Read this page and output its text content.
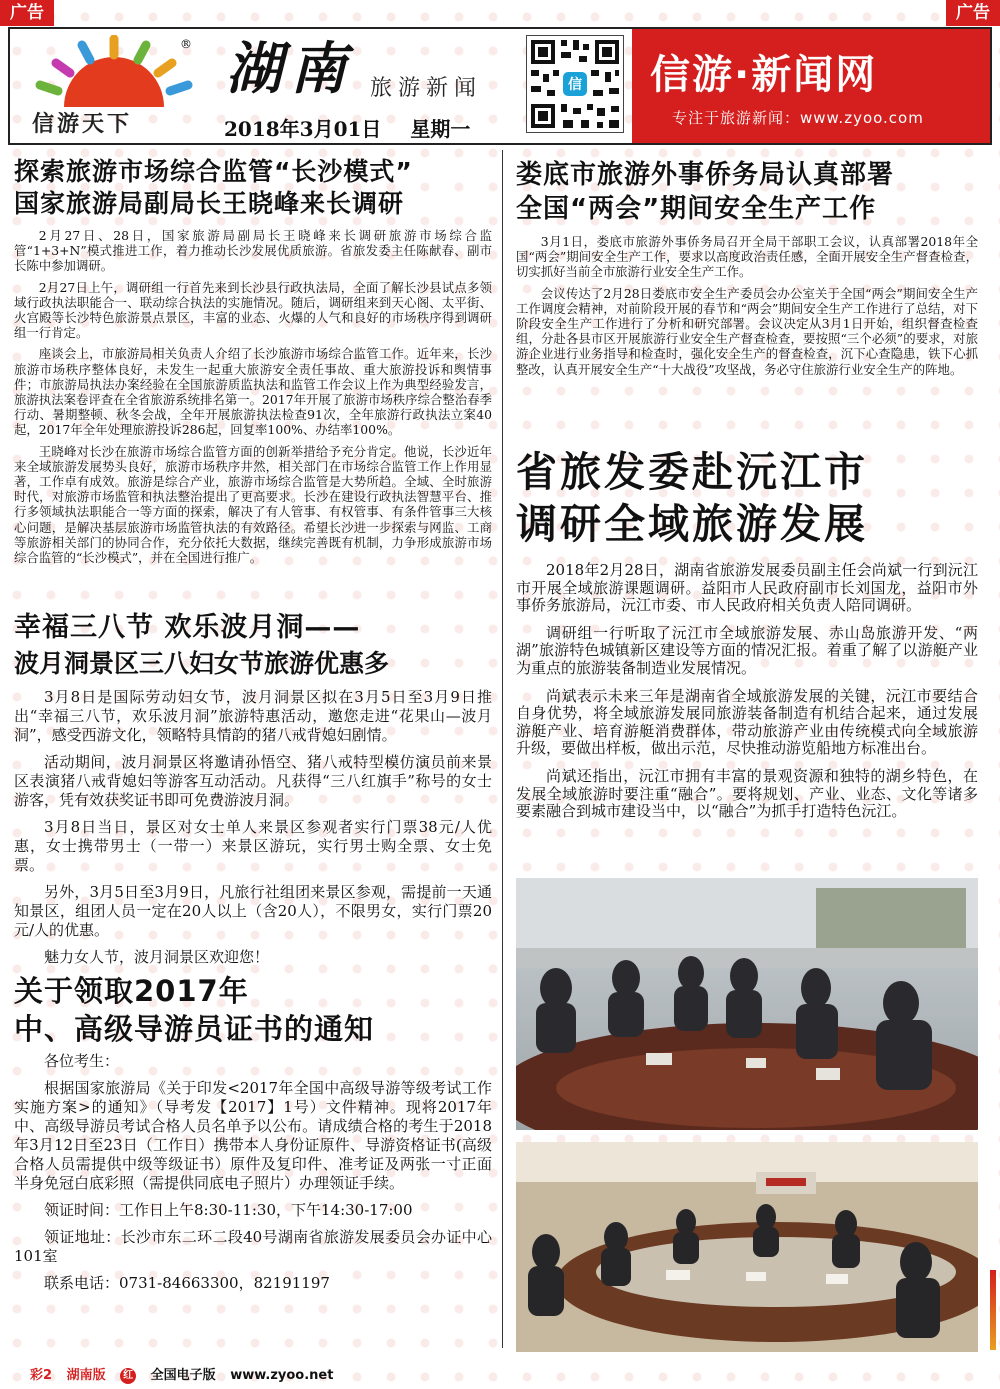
广告	广告
®
信游天下
湖南 旅游新闻
2018年3月01日 星期一
信 信游·新闻网
专注于旅游新闻：www.zyoo.com
探索旅游市场综合监管“长沙模式”
国家旅游局副局长王晓峰来长调研

2月27日、28日，国家旅游局副局长王晓峰来长调研旅游市场综合监管“1+3+N”模式推进工作，着力推动长沙发展优质旅游。省旅发委主任陈献春、副市长陈中参加调研。

2月27日上午，调研组一行首先来到长沙县行政执法局，全面了解长沙县试点多领域行政执法职能合一、联动综合执法的实施情况。随后，调研组来到天心阁、太平街、火宫殿等长沙特色旅游景点景区，丰富的业态、火爆的人气和良好的市场秩序得到调研组一行肯定。

座谈会上，市旅游局相关负责人介绍了长沙旅游市场综合监管工作。近年来，长沙旅游市场秩序整体良好，未发生一起重大旅游安全责任事故、重大旅游投诉和舆情事件；市旅游局执法办案经验在全国旅游质监执法和监管工作会议上作为典型经验发言，旅游执法案卷评查在全省旅游系统排名第一。2017年开展了旅游市场秩序综合整治春季行动、暑期整顿、秋冬会战，全年开展旅游执法检查91次，全年旅游行政执法立案40起，2017年全年处理旅游投诉286起，回复率100%、办结率100%。

王晓峰对长沙在旅游市场综合监管方面的创新举措给予充分肯定。他说，长沙近年来全域旅游发展势头良好，旅游市场秩序井然，相关部门在市场综合监管工作上作用显著，工作卓有成效。旅游是综合产业，旅游市场综合监管是大势所趋。全域、全时旅游时代，对旅游市场监管和执法整治提出了更高要求。长沙在建设行政执法智慧平台、推行多领域执法职能合一等方面的探索，解决了有人管事、有权管事、有条件管事三大核心问题，是解决基层旅游市场监管执法的有效路径。希望长沙进一步探索与网监、工商等旅游相关部门的协同合作，充分依托大数据，继续完善既有机制，力争形成旅游市场综合监管的“长沙模式”，并在全国进行推广。

幸福三八节 欢乐波月洞——
波月洞景区三八妇女节旅游优惠多

3月8日是国际劳动妇女节，波月洞景区拟在3月5日至3月9日推出“幸福三八节，欢乐波月洞”旅游特惠活动，邀您走进“花果山—波月洞”，感受西游文化，领略特具情韵的猪八戒背媳妇剧情。

活动期间，波月洞景区将邀请孙悟空、猪八戒特型模仿演员前来景区表演猪八戒背媳妇等游客互动活动。凡获得“三八红旗手”称号的女士游客，凭有效获奖证书即可免费游波月洞。

3月8日当日，景区对女士单人来景区参观者实行门票38元/人优惠，女士携带男士（一带一）来景区游玩，实行男士购全票、女士免票。

另外，3月5日至3月9日，凡旅行社组团来景区参观，需提前一天通知景区，组团人员一定在20人以上（含20人），不限男女，实行门票20元/人的优惠。

魅力女人节，波月洞景区欢迎您！

关于领取2017年
中、高级导游员证书的通知

各位考生：

根据国家旅游局《关于印发<2017年全国中高级导游等级考试工作实施方案>的通知》（导考发【2017】1号）文件精神。现将2017年中、高级导游员考试合格人员名单予以公布。请成绩合格的考生于2018年3月12日至23日（工作日）携带本人身份证原件、导游资格证书(高级合格人员需提供中级等级证书）原件及复印件、准考证及两张一寸正面半身免冠白底彩照（需提供同底电子照片）办理领证手续。

领证时间：工作日上午8:30-11:30，下午14:30-17:00

领证地址：长沙市东二环二段40号湖南省旅游发展委员会办证中心101室

联系电话：0731-84663300，82191197

娄底市旅游外事侨务局认真部署
全国“两会”期间安全生产工作

3月1日，娄底市旅游外事侨务局召开全局干部职工会议，认真部署2018年全国“两会”期间安全生产工作，要求以高度政治责任感，全面开展安全生产督查检查，切实抓好当前全市旅游行业安全生产工作。

会议传达了2月28日娄底市安全生产委员会办公室关于全国“两会”期间安全生产工作调度会精神，对前阶段开展的春节和“两会”期间安全生产工作进行了总结，对下阶段安全生产工作进行了分析和研究部署。会议决定从3月1日开始，组织督查检查组，分赴各县市区开展旅游行业安全生产督查检查，要按照“三个必须”的要求，对旅游企业进行业务指导和检查时，强化安全生产的督查检查，沉下心查隐患，铁下心抓整改，认真开展安全生产“十大战役”攻坚战，务必守住旅游行业安全生产的阵地。

省旅发委赴沅江市
调研全域旅游发展

2018年2月28日，湖南省旅游发展委员副主任会尚斌一行到沅江市开展全域旅游课题调研。益阳市人民政府副市长刘国龙，益阳市外事侨务旅游局，沅江市委、市人民政府相关负责人陪同调研。

调研组一行听取了沅江市全域旅游发展、赤山岛旅游开发、“两湖”旅游特色城镇新区建设等方面的情况汇报。着重了解了以游艇产业为重点的旅游装备制造业发展情况。

尚斌表示未来三年是湖南省全域旅游发展的关键，沅江市要结合自身优势，将全域旅游发展同旅游装备制造有机结合起来，通过发展游艇产业、培育游艇消费群体，带动旅游产业由传统模式向全域旅游升级，要做出样板，做出示范，尽快推动游览船地方标准出台。

尚斌还指出，沅江市拥有丰富的景观资源和独特的湖乡特色，在发展全域旅游时要注重“融合”。要将规划、产业、业态、文化等诸多要素融合到城市建设当中，以“融合”为抓手打造特色沅江。

彩2 湖南版 红 全国电子版 www.zyoo.net
